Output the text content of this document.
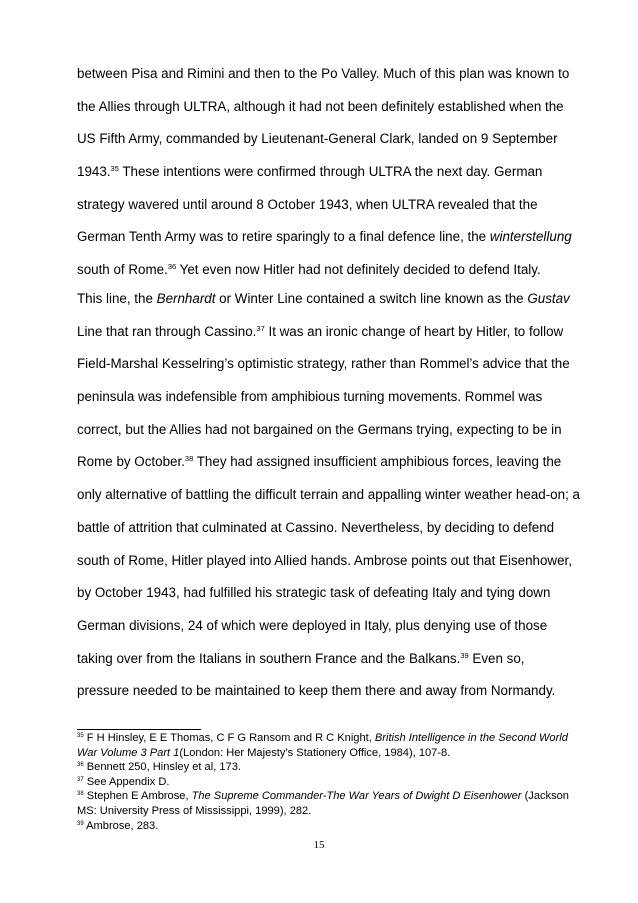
between Pisa and Rimini and then to the Po Valley. Much of this plan was known to
the Allies through ULTRA, although it had not been definitely established when the
US Fifth Army, commanded by Lieutenant-General Clark, landed on 9 September
1943.35 These intentions were confirmed through ULTRA the next day. German
strategy wavered until around 8 October 1943, when ULTRA revealed that the
German Tenth Army was to retire sparingly to a final defence line, the winterstellung
south of Rome.$^{36}$ Yet even now Hitler had not definitely decided to defend Italy.
This line, the Bernhardt or Winter Line contained a switch line known as the Gustav
Line that ran through Cassino.$^{37}$ It was an ironic change of heart by Hitler, to follow
Field-Marshal Kesselring’s optimistic strategy, rather than Rommel’s advice that the
peninsula was indefensible from amphibious turning movements. Rommel was
correct, but the Allies had not bargained on the Germans trying, expecting to be in
Rome by October.$^{38}$ They had assigned insufficient amphibious forces, leaving the
only alternative of battling the difficult terrain and appalling winter weather head-on; a
battle of attrition that culminated at Cassino. Nevertheless, by deciding to defend
south of Rome, Hitler played into Allied hands. Ambrose points out that Eisenhower,
by October 1943, had fulfilled his strategic task of defeating Italy and tying down
German divisions, 24 of which were deployed in Italy, plus denying use of those
taking over from the Italians in southern France and the Balkans.$^{39}$ Even so,
pressure needed to be maintained to keep them there and away from Normandy.
$^{35}$ F H Hinsley, E E Thomas, C F G Ransom and R C Knight, British Intelligence in the Second World
War Volume 3 Part 1(London: Her Majesty’s Stationery Office, 1984), 107-8.
$^{36}$ Bennett 250, Hinsley et al, 173.
$^{37}$ See Appendix D.
$^{38}$ Stephen E Ambrose, The Supreme Commander-The War Years of Dwight D Eisenhower (Jackson
MS: University Press of Mississippi, 1999), 282.
$^{39}$ Ambrose, 283.
15
